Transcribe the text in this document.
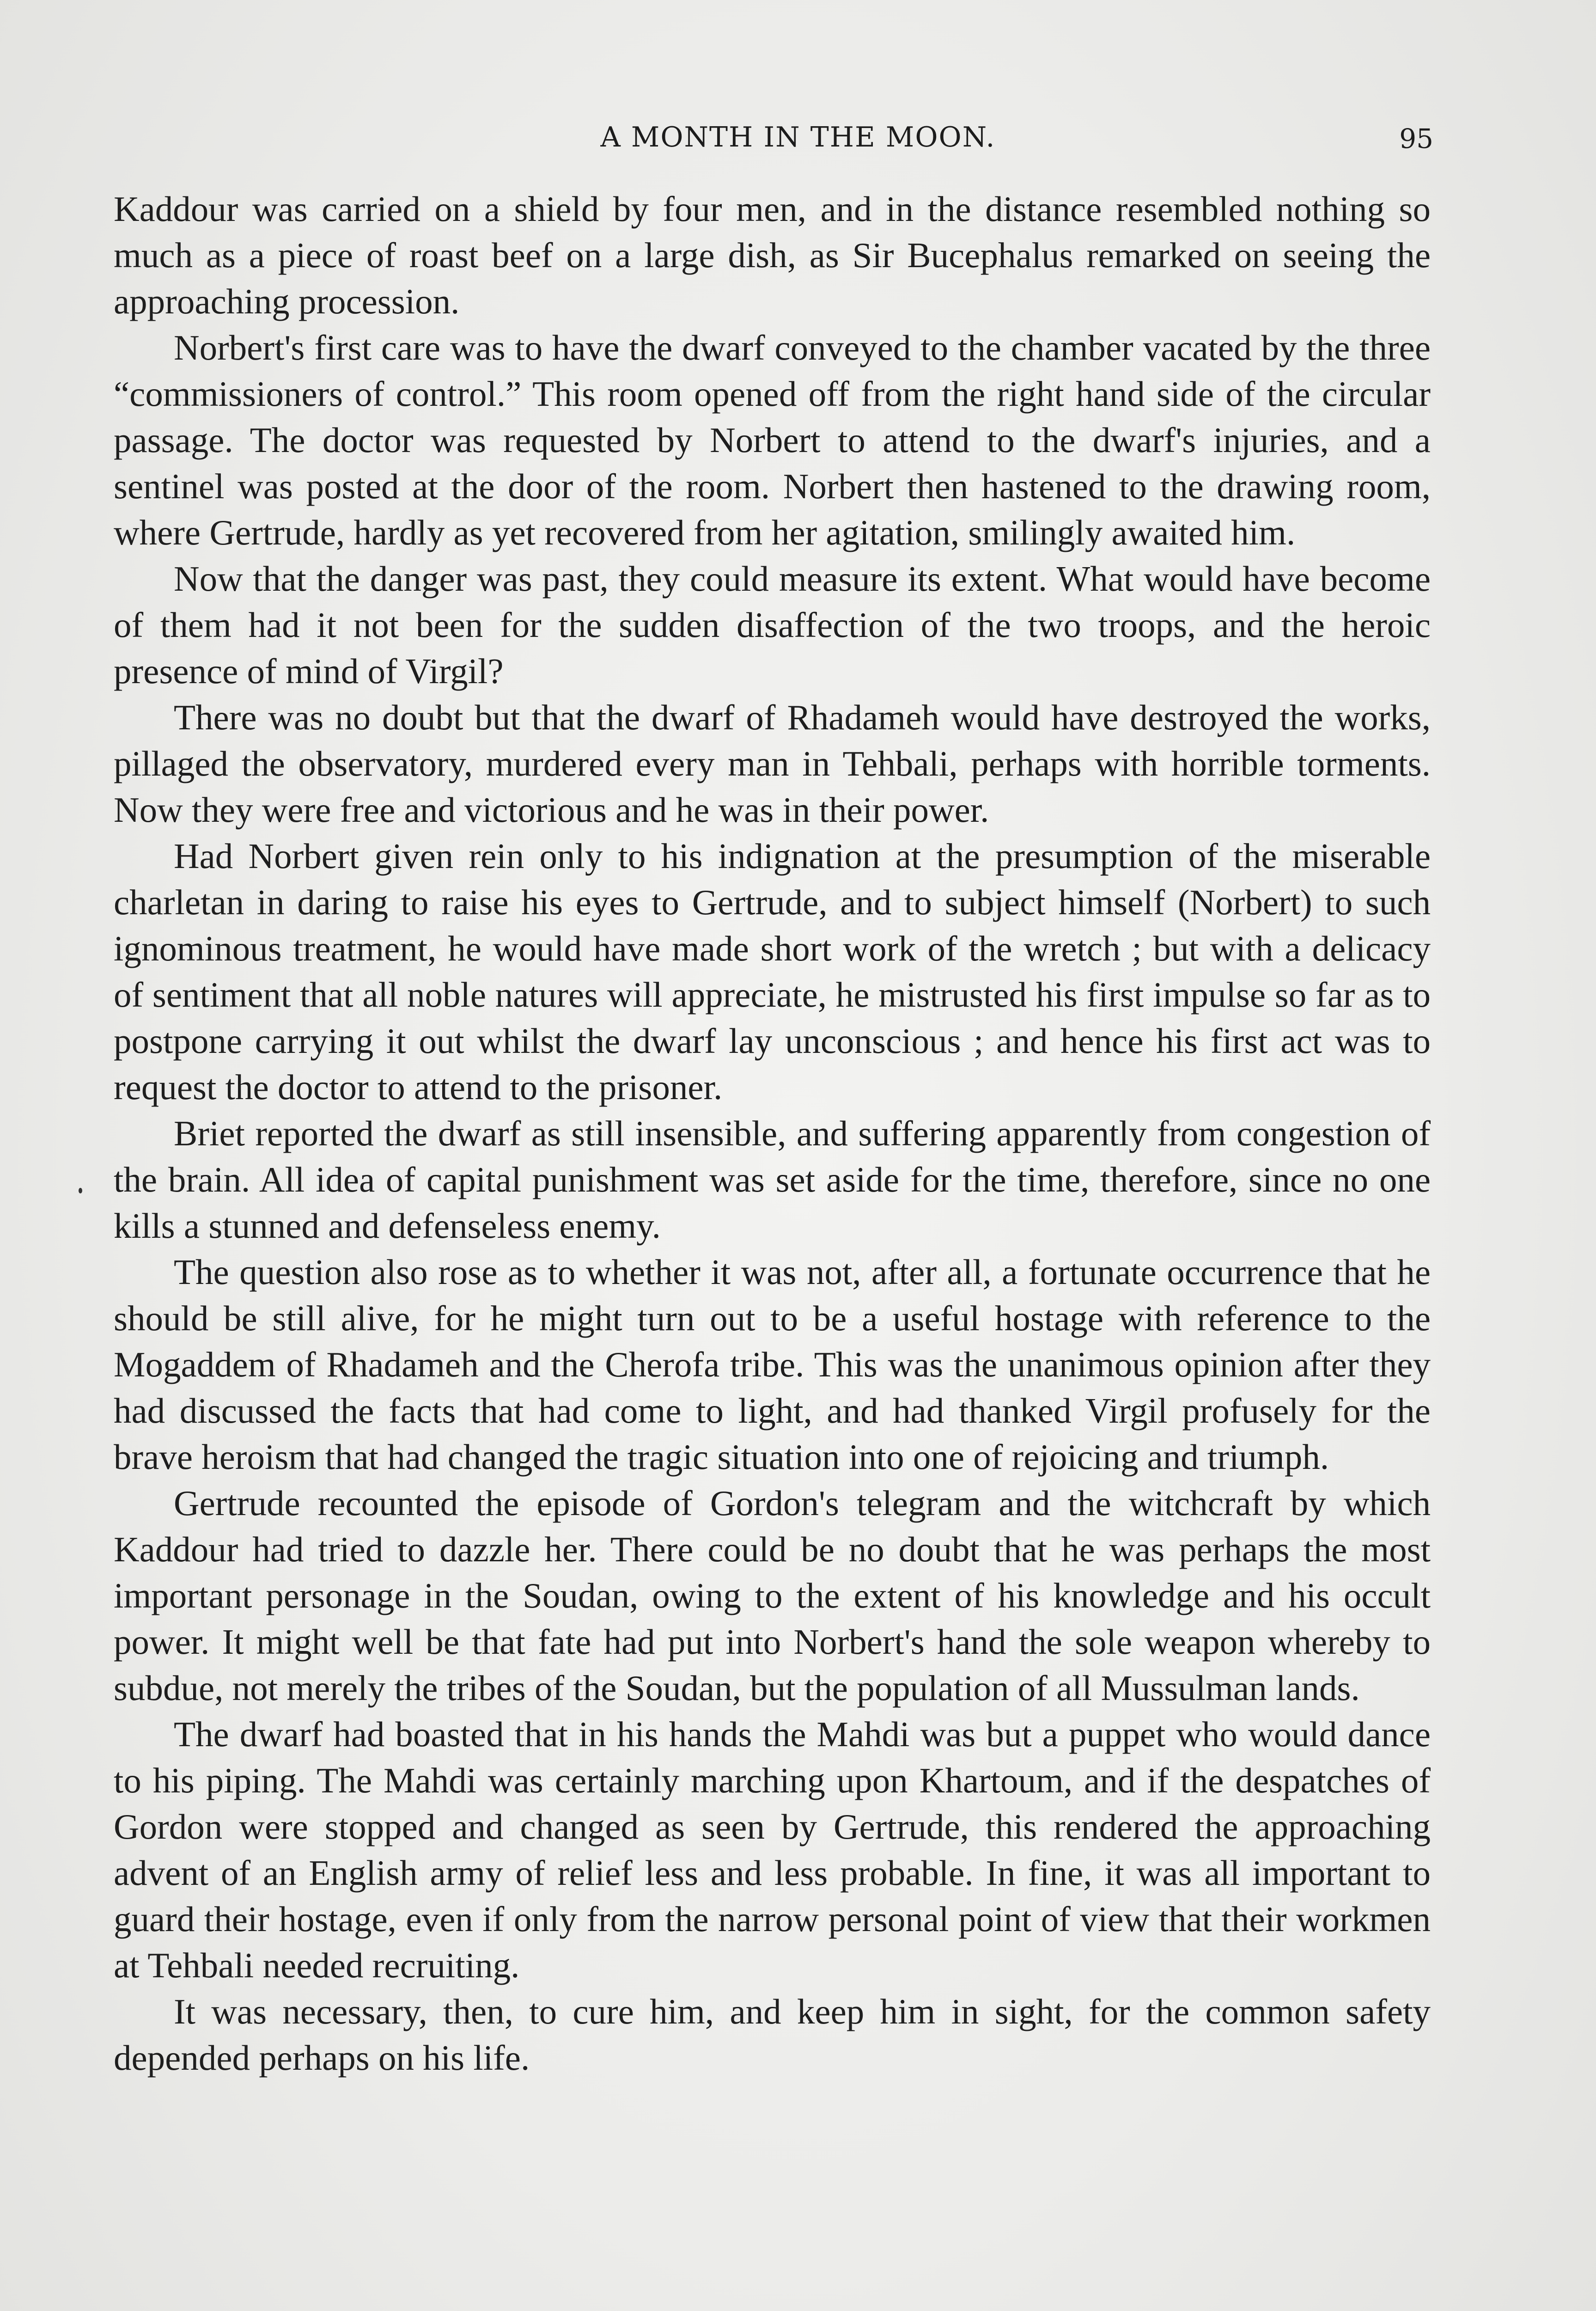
A MONTH IN THE MOON.	95

Kaddour was carried on a shield by four men, and in the distance resembled nothing so much as a piece of roast beef on a large dish, as Sir Bucephalus remarked on seeing the approaching procession.

Norbert's first care was to have the dwarf conveyed to the chamber vacated by the three “commissioners of control.” This room opened off from the right hand side of the circular passage. The doctor was requested by Norbert to attend to the dwarf's injuries, and a sentinel was posted at the door of the room. Norbert then hastened to the drawing room, where Gertrude, hardly as yet recovered from her agitation, smilingly awaited him.

Now that the danger was past, they could measure its extent. What would have become of them had it not been for the sudden disaffection of the two troops, and the heroic presence of mind of Virgil?

There was no doubt but that the dwarf of Rhadameh would have destroyed the works, pillaged the observatory, murdered every man in Tehbali, perhaps with horrible torments. Now they were free and victorious and he was in their power.

Had Norbert given rein only to his indignation at the presumption of the miserable charletan in daring to raise his eyes to Gertrude, and to subject himself (Norbert) to such ignominous treatment, he would have made short work of the wretch ; but with a delicacy of sentiment that all noble natures will appreciate, he mistrusted his first impulse so far as to postpone carrying it out whilst the dwarf lay unconscious ; and hence his first act was to request the doctor to attend to the prisoner.

Briet reported the dwarf as still insensible, and suffering apparently from congestion of the brain. All idea of capital punishment was set aside for the time, therefore, since no one kills a stunned and defenseless enemy.

The question also rose as to whether it was not, after all, a fortunate occurrence that he should be still alive, for he might turn out to be a useful hostage with reference to the Mogaddem of Rhadameh and the Cherofa tribe. This was the unanimous opinion after they had discussed the facts that had come to light, and had thanked Virgil profusely for the brave heroism that had changed the tragic situation into one of rejoicing and triumph.

Gertrude recounted the episode of Gordon's telegram and the witchcraft by which Kaddour had tried to dazzle her. There could be no doubt that he was perhaps the most important personage in the Soudan, owing to the extent of his knowledge and his occult power. It might well be that fate had put into Norbert's hand the sole weapon whereby to subdue, not merely the tribes of the Soudan, but the population of all Mussulman lands.

The dwarf had boasted that in his hands the Mahdi was but a puppet who would dance to his piping. The Mahdi was certainly marching upon Khartoum, and if the despatches of Gordon were stopped and changed as seen by Gertrude, this rendered the approaching advent of an English army of relief less and less probable. In fine, it was all important to guard their hostage, even if only from the narrow personal point of view that their workmen at Tehbali needed recruiting.

It was necessary, then, to cure him, and keep him in sight, for the common safety depended perhaps on his life.
